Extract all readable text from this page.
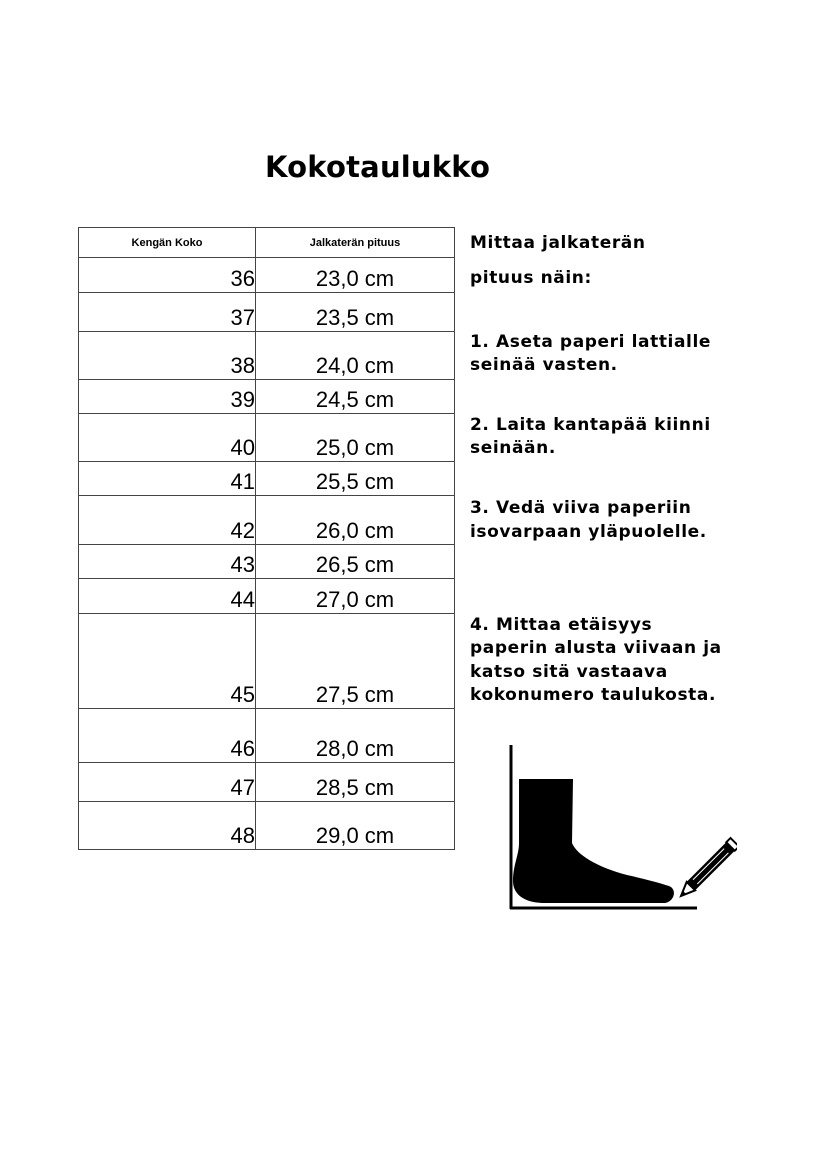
Kokotaulukko
Kengän Koko	Jalkaterän pituus
36	23,0 cm
37	23,5 cm
38	24,0 cm
39	24,5 cm
40	25,0 cm
41	25,5 cm
42	26,0 cm
43	26,5 cm
44	27,0 cm
45	27,5 cm
46	28,0 cm
47	28,5 cm
48	29,0 cm
Mittaa jalkaterän
pituus näin:
1. Aseta paperi lattialle
seinää vasten.
2. Laita kantapää kiinni
seinään.
3. Vedä viiva paperiin
isovarpaan yläpuolelle.
4. Mittaa etäisyys
paperin alusta viivaan ja
katso sitä vastaava
kokonumero taulukosta.
